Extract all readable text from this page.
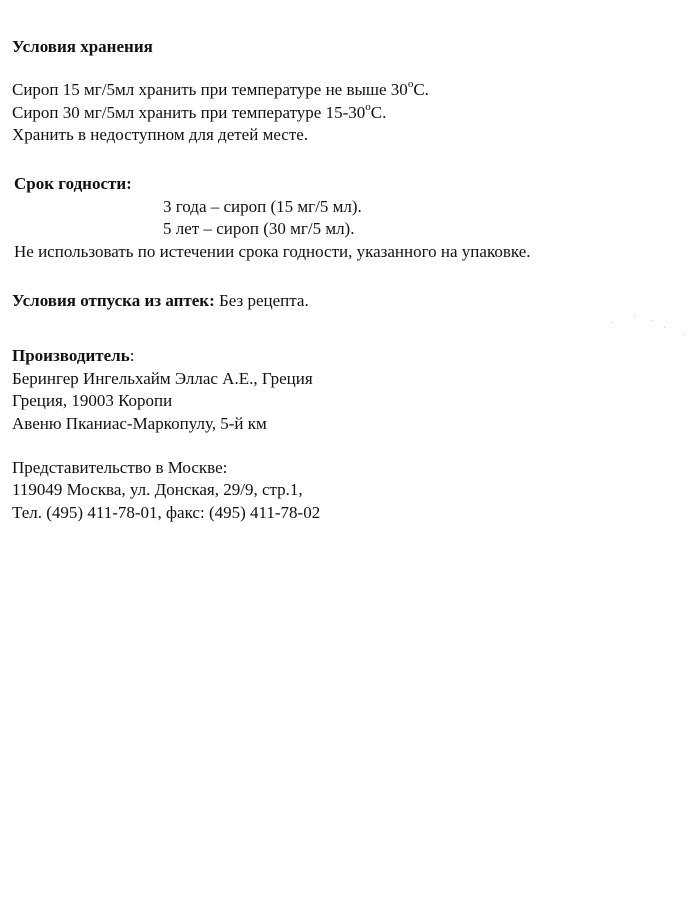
Условия хранения
Сироп 15 мг/5мл хранить при температуре не выше 30$^o$С.
Сироп 30 мг/5мл хранить при температуре 15-30$^o$С.
Хранить в недоступном для детей месте.
Срок годности:
3 года – сироп (15 мг/5 мл).
5 лет – сироп (30 мг/5 мл).
Не использовать по истечении срока годности, указанного на упаковке.
Условия отпуска из аптек: Без рецепта.
Производитель:
Берингер Ингельхайм Эллас А.Е., Греция
Греция, 19003 Коропи
Авеню Пканиас-Маркопулу, 5-й км
Представительство в Москве:
119049 Москва, ул. Донская, 29/9, стр.1,
Тел. (495) 411-78-01, факс: (495) 411-78-02
